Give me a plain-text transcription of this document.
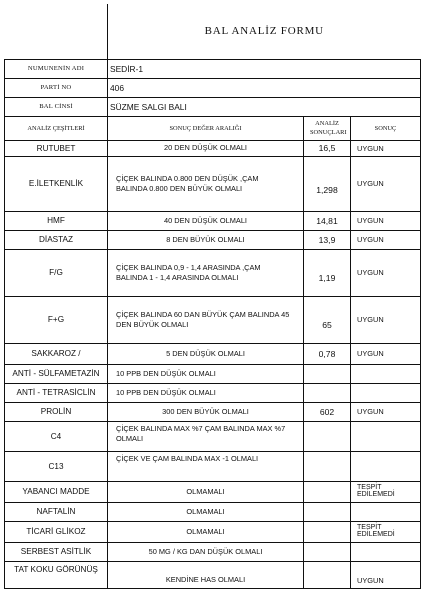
	BAL ANALİZ FORMU		
NUMUNENİN ADI	SEDİR-1		
PARTİ NO	406		
BAL CİNSİ	SÜZME SALGI BALI		
ANALİZ ÇEŞİTLERİ	SONUÇ DEĞER ARALIĞI	ANALİZ SONUÇLARI	SONUÇ
RUTUBET	20 DEN DÜŞÜK OLMALI	16,5	UYGUN
E.İLETKENLİK	ÇİÇEK BALINDA 0.800 DEN DÜŞÜK ,ÇAM BALINDA 0.800 DEN BÜYÜK OLMALI	1,298	UYGUN
HMF	40 DEN DÜŞÜK OLMALI	14,81	UYGUN
DİASTAZ	8 DEN BÜYÜK OLMALI	13,9	UYGUN
F/G	ÇİÇEK BALINDA 0,9 - 1,4 ARASINDA ,ÇAM BALINDA 1 - 1,4 ARASINDA OLMALI	1,19	UYGUN
F+G	ÇİÇEK BALINDA 60 DAN BÜYÜK ÇAM BALINDA 45 DEN BÜYÜK OLMALI	65	UYGUN
SAKKAROZ /	5 DEN DÜŞÜK OLMALI	0,78	UYGUN
ANTİ - SÜLFAMETAZİN	10 PPB DEN DÜŞÜK OLMALI		
ANTİ - TETRASİCLİN	10 PPB DEN DÜŞÜK OLMALI		
PROLİN	300 DEN BÜYÜK OLMALI	602	UYGUN
C4	ÇİÇEK BALINDA MAX %7 ÇAM BALINDA MAX %7 OLMALI		
C13	ÇİÇEK VE ÇAM BALINDA MAX -1 OLMALI		
YABANCI MADDE	OLMAMALI		TESPİT EDİLEMEDİ
NAFTALİN	OLMAMALI		
TİCARİ GLİKOZ	OLMAMALI		TESPİT EDİLEMEDİ
SERBEST ASİTLİK	50 MG / KG DAN DÜŞÜK OLMALI		
TAT KOKU GÖRÜNÜŞ	KENDİNE HAS OLMALI		UYGUN
